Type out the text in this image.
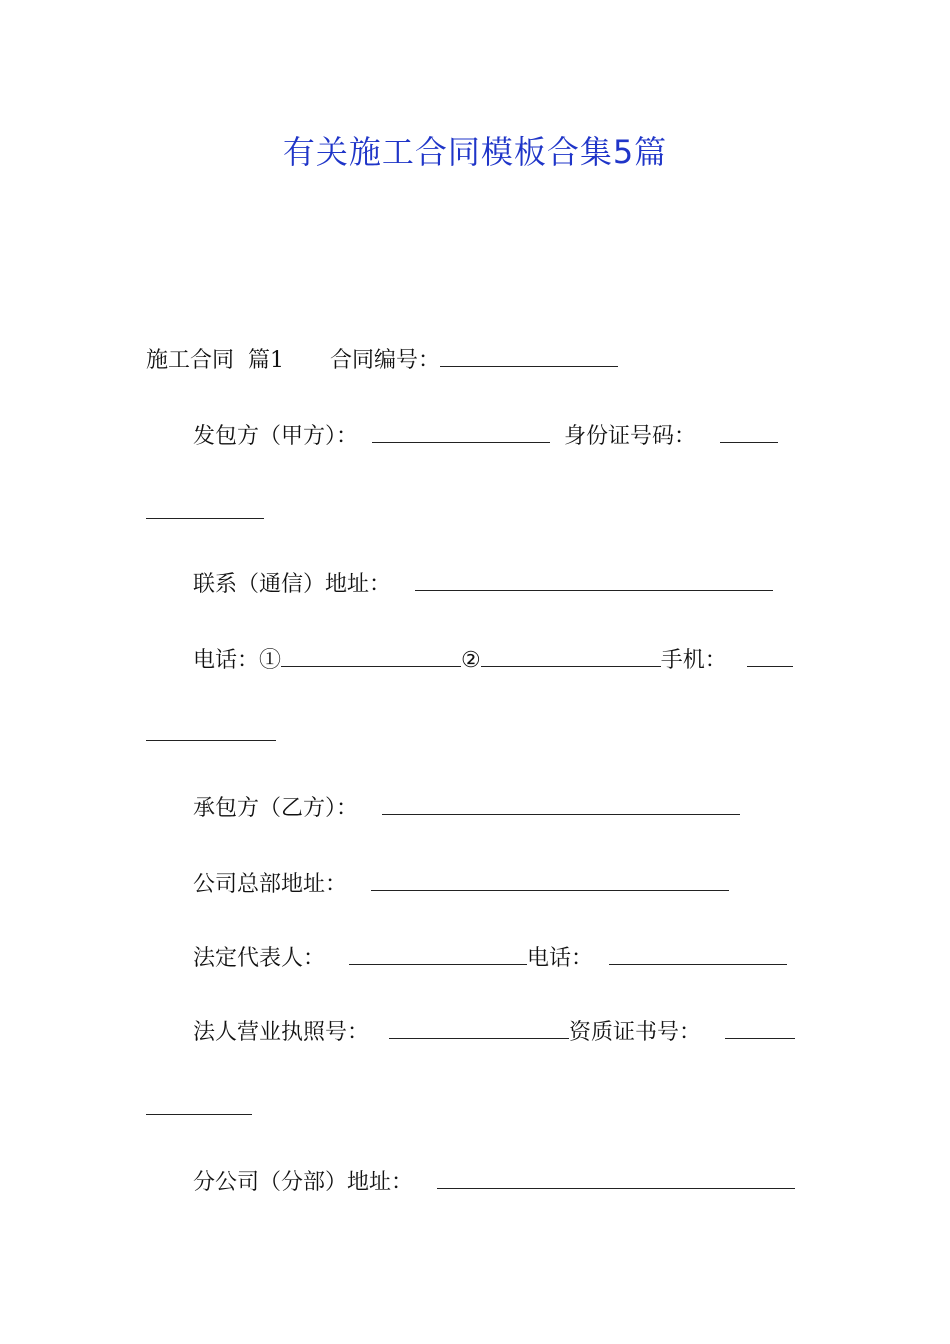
有关施工合同模板合集5篇
施工合同 篇1 合同编号：
发包方（甲方）：	身份证号码：
联系（通信）地址：
电话：①	②	手机：
承包方（乙方）：
公司总部地址：
法定代表人：	电话：
法人营业执照号：	资质证书号：
分公司（分部）地址：
